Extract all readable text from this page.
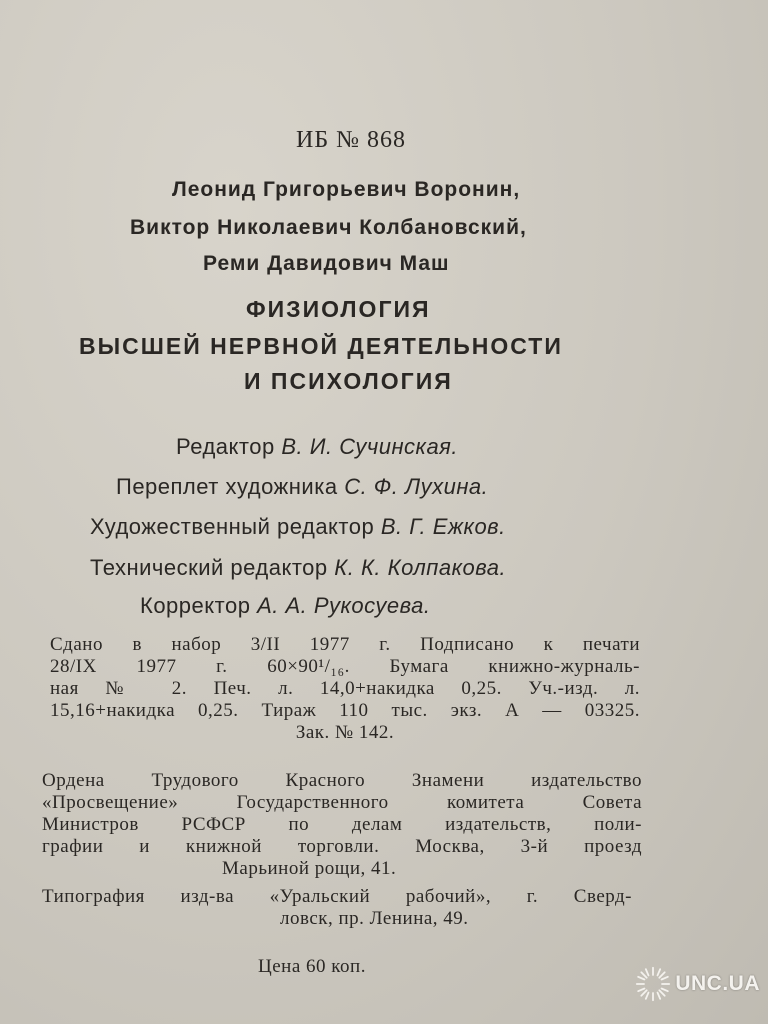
ИБ № 868
Леонид Григорьевич Воронин,
Виктор Николаевич Колбановский,
Реми Давидович Маш
ФИЗИОЛОГИЯ
ВЫСШЕЙ НЕРВНОЙ ДЕЯТЕЛЬНОСТИ
И ПСИХОЛОГИЯ
Редактор В. И. Сучинская.
Переплет художника С. Ф. Лухина.
Художественный редактор В. Г. Ежков.
Технический редактор К. К. Колпакова.
Корректор А. А. Рукосуева.
Сдано в набор 3/II 1977 г. Подписано к печати
28/IX 1977 г. 60×90¹/₁₆. Бумага книжно-журналь-
ная № 2. Печ. л. 14,0+накидка 0,25. Уч.-изд. л.
15,16+накидка 0,25. Тираж 110 тыс. экз. А — 03325.
Зак. № 142.
Ордена Трудового Красного Знамени издательство
«Просвещение» Государственного комитета Совета
Министров РСФСР по делам издательств, поли-
графии и книжной торговли. Москва, 3-й проезд
Марьиной рощи, 41.
Типография изд-ва «Уральский рабочий», г. Сверд-
ловск, пр. Ленина, 49.
Цена 60 коп.
UNC.UA
